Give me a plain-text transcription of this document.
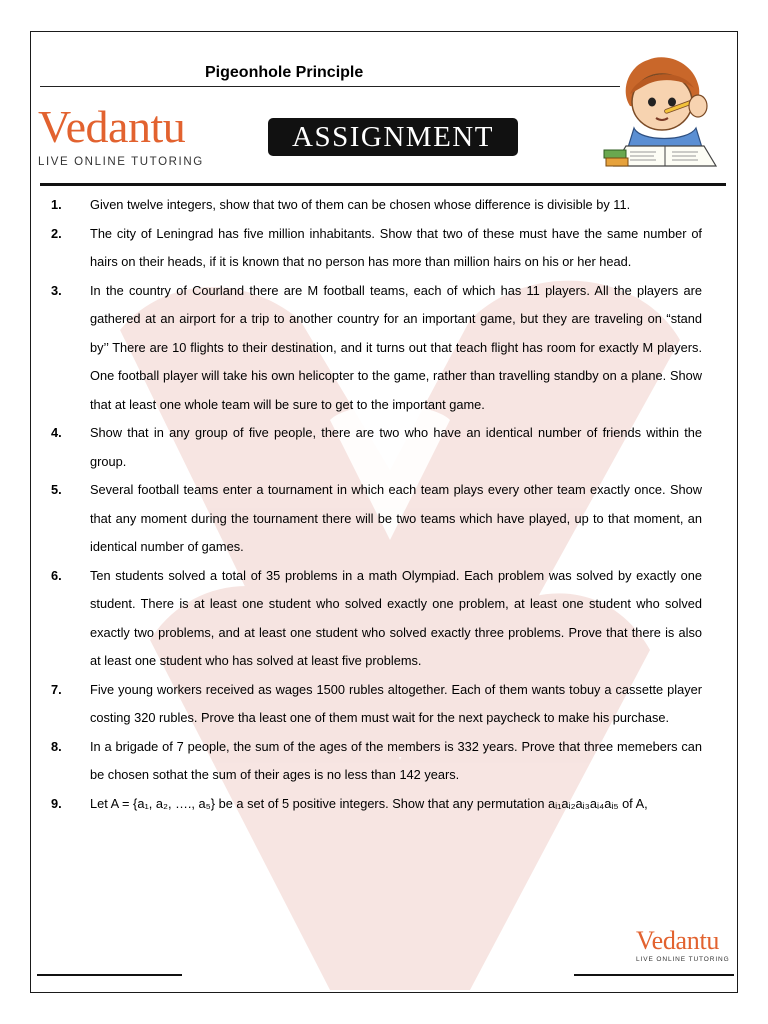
Pigeonhole Principle
Vedantu
LIVE ONLINE TUTORING
ASSIGNMENT
1. Given twelve integers, show that two of them can be chosen whose difference is divisible by 11.
2. The city of Leningrad has five million inhabitants. Show that two of these must have the same number of hairs on their heads, if it is known that no person has more than million hairs on his or her head.
3. In the country of Courland there are M football teams, each of which has 11 players. All the players are gathered at an airport for a trip to another country for an important game, but they are traveling on “stand by’’ There are 10 flights to their destination, and it turns out that teach flight has room for exactly M players. One football player will take his own helicopter to the game, rather than travelling standby on a plane. Show that at least one whole team will be sure to get to the important game.
4. Show that in any group of five people, there are two who have an identical number of friends within the group.
5. Several football teams enter a tournament in which each team plays every other team exactly once. Show that any moment during the tournament there will be two teams which have played, up to that moment, an identical number of games.
6. Ten students solved a total of 35 problems in a math Olympiad. Each problem was solved by exactly one student. There is at least one student who solved exactly one problem, at least one student who solved exactly two problems, and at least one student who solved exactly three problems. Prove that there is also at least one student who has solved at least five problems.
7. Five young workers received as wages 1500 rubles altogether. Each of them wants tobuy a cassette player costing 320 rubles. Prove tha least one of them must wait for the next paycheck to make his purchase.
8. In a brigade of 7 people, the sum of the ages of the members is 332 years. Prove that three memebers can be chosen sothat the sum of their ages is no less than 142 years.
9. Let A = {a₁, a₂, …., a₅} be a set of 5 positive integers. Show that any permutation aᵢ₁aᵢ₂aᵢ₃aᵢ₄aᵢ₅ of A,
Vedantu
LIVE ONLINE TUTORING
